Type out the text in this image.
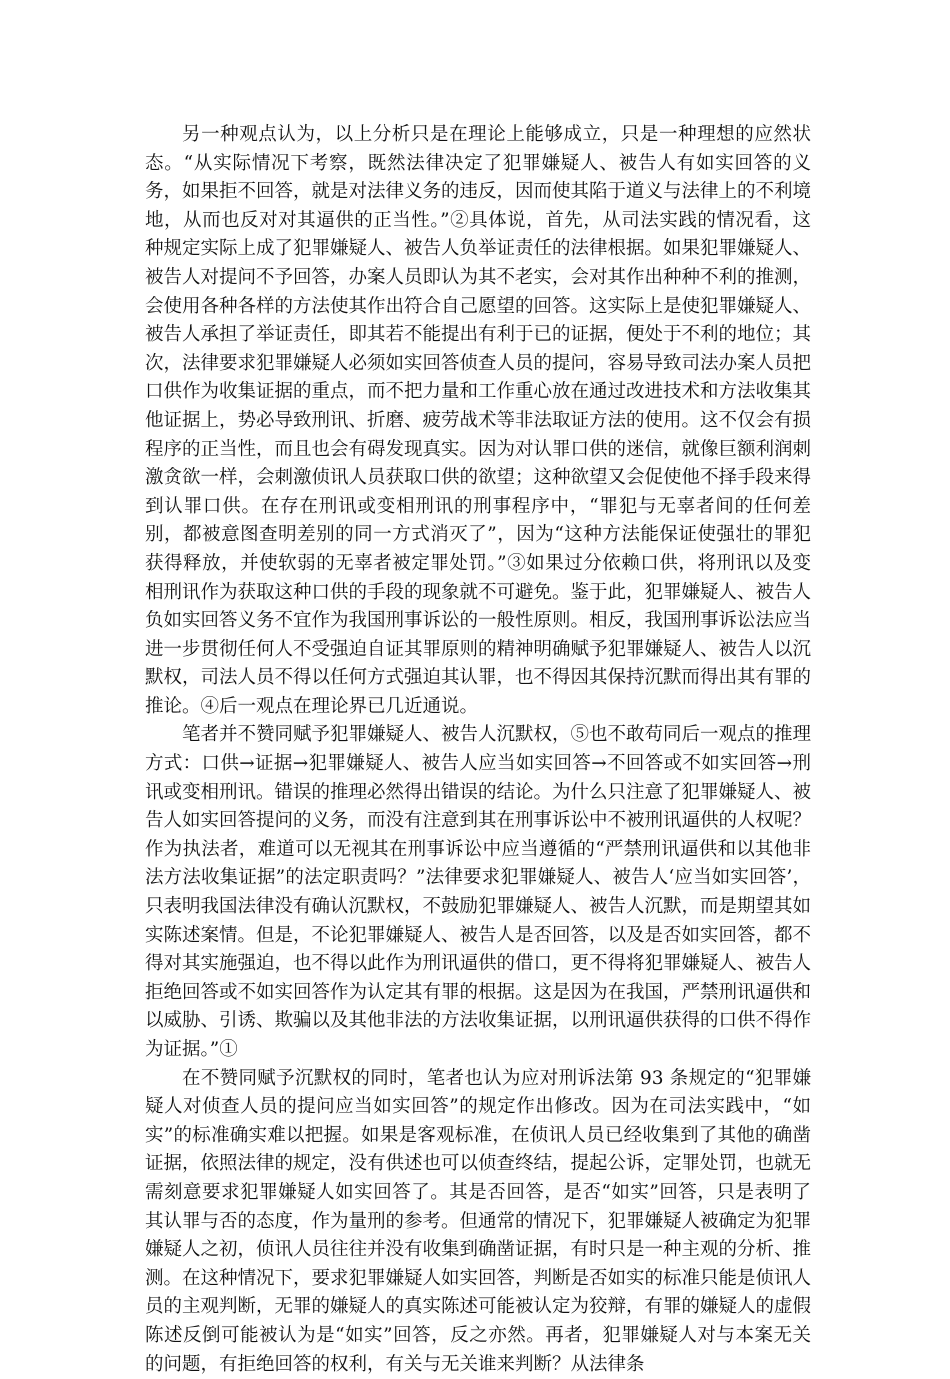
另一种观点认为，以上分析只是在理论上能够成立，只是一种理想的应然状态。“从实际情况下考察，既然法律决定了犯罪嫌疑人、被告人有如实回答的义务，如果拒不回答，就是对法律义务的违反，因而使其陷于道义与法律上的不利境地，从而也反对对其逼供的正当性。”②具体说，首先，从司法实践的情况看，这种规定实际上成了犯罪嫌疑人、被告人负举证责任的法律根据。如果犯罪嫌疑人、被告人对提问不予回答，办案人员即认为其不老实，会对其作出种种不利的推测，会使用各种各样的方法使其作出符合自己愿望的回答。这实际上是使犯罪嫌疑人、被告人承担了举证责任，即其若不能提出有利于已的证据，便处于不利的地位；其次，法律要求犯罪嫌疑人必须如实回答侦查人员的提问，容易导致司法办案人员把口供作为收集证据的重点，而不把力量和工作重心放在通过改进技术和方法收集其他证据上，势必导致刑讯、折磨、疲劳战术等非法取证方法的使用。这不仅会有损程序的正当性，而且也会有碍发现真实。因为对认罪口供的迷信，就像巨额利润刺激贪欲一样，会刺激侦讯人员获取口供的欲望；这种欲望又会促使他不择手段来得到认罪口供。在存在刑讯或变相刑讯的刑事程序中，“罪犯与无辜者间的任何差别，都被意图查明差别的同一方式消灭了”，因为“这种方法能保证使强壮的罪犯获得释放，并使软弱的无辜者被定罪处罚。”③如果过分依赖口供，将刑讯以及变相刑讯作为获取这种口供的手段的现象就不可避免。鉴于此，犯罪嫌疑人、被告人负如实回答义务不宜作为我国刑事诉讼的一般性原则。相反，我国刑事诉讼法应当进一步贯彻任何人不受强迫自证其罪原则的精神明确赋予犯罪嫌疑人、被告人以沉默权，司法人员不得以任何方式强迫其认罪，也不得因其保持沉默而得出其有罪的推论。④后一观点在理论界已几近通说。

笔者并不赞同赋予犯罪嫌疑人、被告人沉默权，⑤也不敢苟同后一观点的推理方式：口供→证据→犯罪嫌疑人、被告人应当如实回答→不回答或不如实回答→刑讯或变相刑讯。错误的推理必然得出错误的结论。为什么只注意了犯罪嫌疑人、被告人如实回答提问的义务，而没有注意到其在刑事诉讼中不被刑讯逼供的人权呢？作为执法者，难道可以无视其在刑事诉讼中应当遵循的“严禁刑讯逼供和以其他非法方法收集证据”的法定职责吗？”法律要求犯罪嫌疑人、被告人‘应当如实回答’，只表明我国法律没有确认沉默权，不鼓励犯罪嫌疑人、被告人沉默，而是期望其如实陈述案情。但是，不论犯罪嫌疑人、被告人是否回答，以及是否如实回答，都不得对其实施强迫，也不得以此作为刑讯逼供的借口，更不得将犯罪嫌疑人、被告人拒绝回答或不如实回答作为认定其有罪的根据。这是因为在我国，严禁刑讯逼供和以威胁、引诱、欺骗以及其他非法的方法收集证据，以刑讯逼供获得的口供不得作为证据。”①

在不赞同赋予沉默权的同时，笔者也认为应对刑诉法第 93 条规定的“犯罪嫌疑人对侦查人员的提问应当如实回答”的规定作出修改。因为在司法实践中，“如实”的标准确实难以把握。如果是客观标准，在侦讯人员已经收集到了其他的确凿证据，依照法律的规定，没有供述也可以侦查终结，提起公诉，定罪处罚，也就无需刻意要求犯罪嫌疑人如实回答了。其是否回答，是否“如实”回答，只是表明了其认罪与否的态度，作为量刑的参考。但通常的情况下，犯罪嫌疑人被确定为犯罪嫌疑人之初，侦讯人员往往并没有收集到确凿证据，有时只是一种主观的分析、推测。在这种情况下，要求犯罪嫌疑人如实回答，判断是否如实的标准只能是侦讯人员的主观判断，无罪的嫌疑人的真实陈述可能被认定为狡辩，有罪的嫌疑人的虚假陈述反倒可能被认为是“如实”回答，反之亦然。再者，犯罪嫌疑人对与本案无关的问题，有拒绝回答的权利，有关与无关谁来判断？从法律条
